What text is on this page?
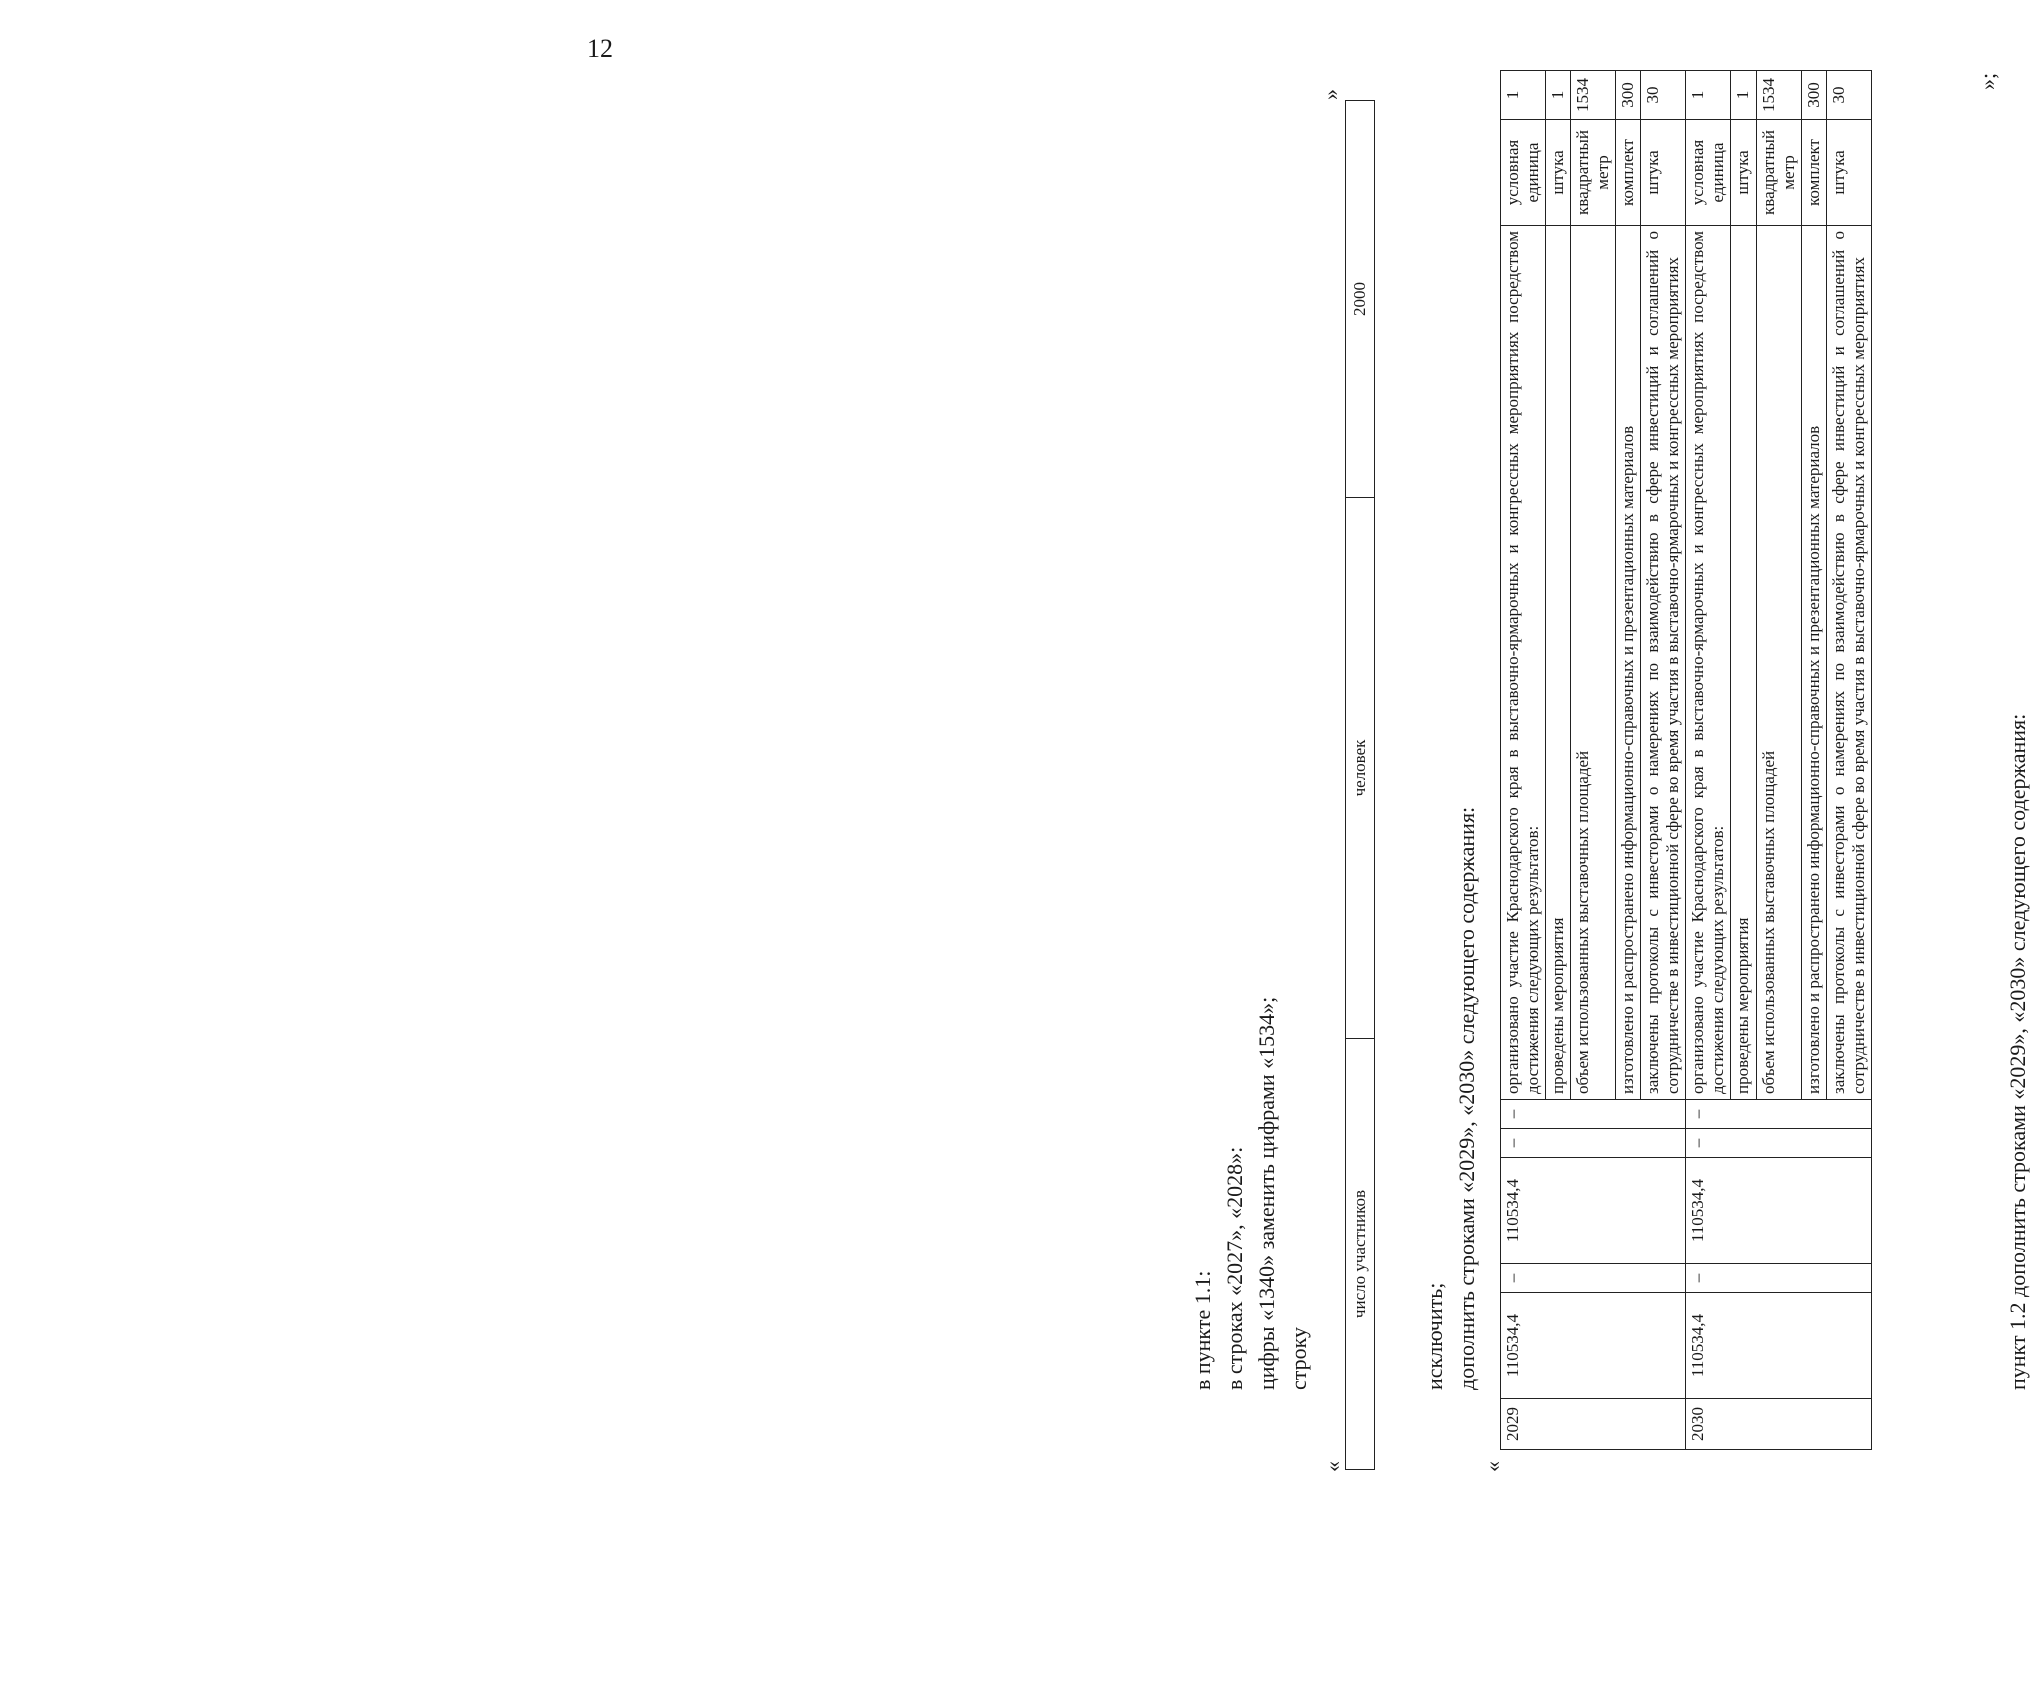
12
в пункте 1.1: в строках «2027», «2028»: цифры «1340» заменить цифрами «1534»; строку
«
число участников	человек	2000
»
исключить; дополнить строками «2029», «2030» следующего содержания:
«
2029	110534,4	–	110534,4	–	–	организовано участие Краснодарского края в выставочно-ярмарочных и конгрессных мероприятиях посредством достижения следующих результатов:	условная единица	1
						проведены мероприятия	штука	1
						объем использованных выставочных площадей	квадратный метр	1534
						изготовлено и распространено информационно-справочных и презентационных материалов	комплект	300
						заключены протоколы с инвесторами о намерениях по взаимодействию в сфере инвестиций и соглашений о сотрудничестве в инвестиционной сфере во время участия в выставочно-ярмарочных и конгрессных мероприятиях	штука	30
2030	110534,4	–	110534,4	–	–	организовано участие Краснодарского края в выставочно-ярмарочных и конгрессных мероприятиях посредством достижения следующих результатов:	условная единица	1
						проведены мероприятия	штука	1
						объем использованных выставочных площадей	квадратный метр	1534
						изготовлено и распространено информационно-справочных и презентационных материалов	комплект	300
						заключены протоколы с инвесторами о намерениях по взаимодействию в сфере инвестиций и соглашений о сотрудничестве в инвестиционной сфере во время участия в выставочно-ярмарочных и конгрессных мероприятиях	штука	30
»;
пункт 1.2 дополнить строками «2029», «2030» следующего содержания:
